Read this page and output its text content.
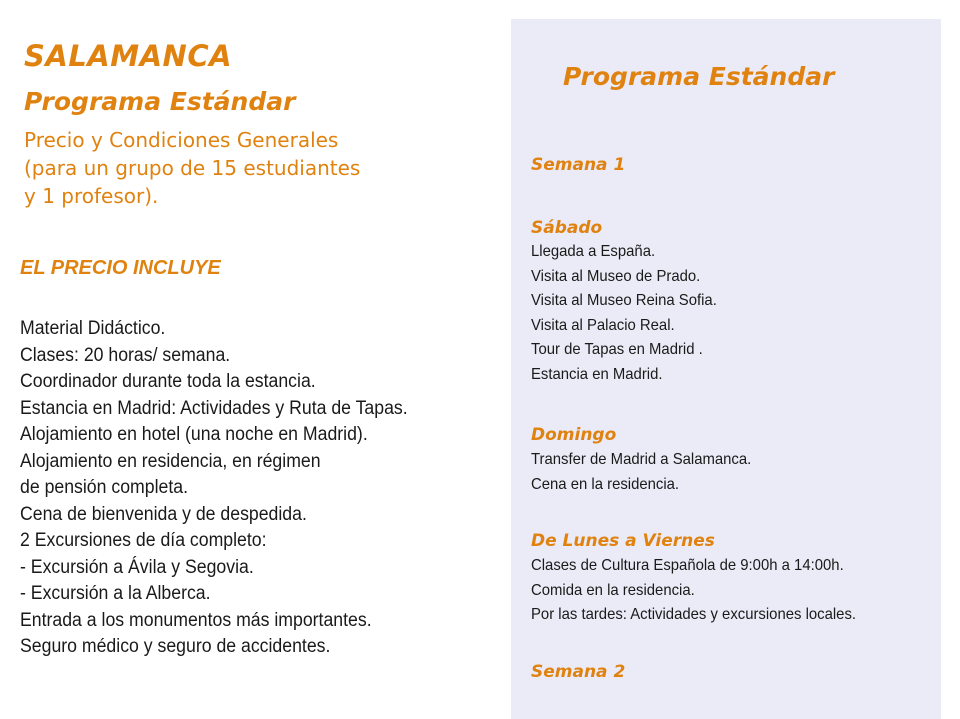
SALAMANCA
Programa Estándar
Precio y Condiciones Generales
(para un grupo de 15 estudiantes
y 1 profesor).
EL PRECIO INCLUYE
Material Didáctico.
Clases: 20 horas/ semana.
Coordinador durante toda la estancia.
Estancia en Madrid: Actividades y Ruta de Tapas.
Alojamiento en hotel (una noche en Madrid).
Alojamiento en residencia, en régimen
de pensión completa.
Cena de bienvenida y de despedida.
2 Excursiones de día completo:
- Excursión a Ávila y Segovia.
- Excursión a la Alberca.
Entrada a los monumentos más importantes.
Seguro médico y seguro de accidentes.
Programa Estándar
Semana 1
Sábado
Llegada a España.
Visita al Museo de Prado.
Visita al Museo Reina Sofia.
Visita al Palacio Real.
Tour de Tapas en Madrid .
Estancia en Madrid.
Domingo
Transfer de Madrid a Salamanca.
Cena en la residencia.
De Lunes a Viernes
Clases de Cultura Española de 9:00h a 14:00h.
Comida en la residencia.
Por las tardes: Actividades y excursiones locales.
Semana 2
